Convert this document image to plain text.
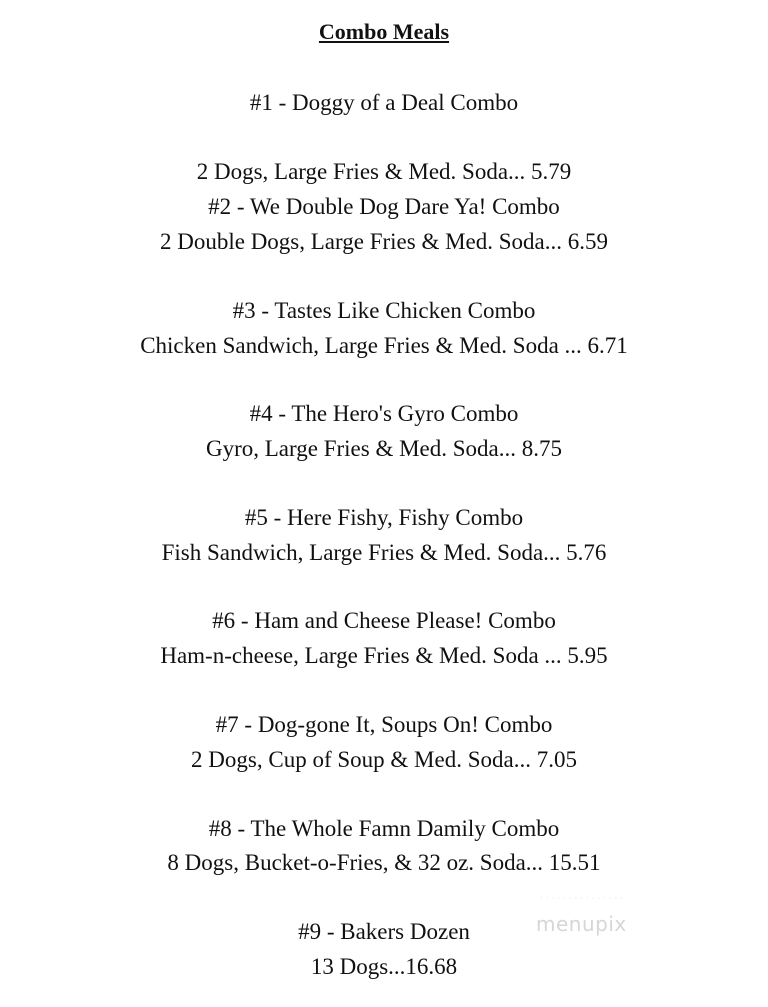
Combo Meals
#1 - Doggy of a Deal Combo
2 Dogs, Large Fries & Med. Soda... 5.79
#2 - We Double Dog Dare Ya! Combo
2 Double Dogs, Large Fries & Med. Soda... 6.59
#3 - Tastes Like Chicken Combo
Chicken Sandwich, Large Fries & Med. Soda ... 6.71
#4 - The Hero's Gyro Combo
Gyro, Large Fries & Med. Soda... 8.75
#5 - Here Fishy, Fishy Combo
Fish Sandwich, Large Fries & Med. Soda... 5.76
#6 - Ham and Cheese Please! Combo
Ham-n-cheese, Large Fries & Med. Soda ... 5.95
#7 - Dog-gone It, Soups On! Combo
2 Dogs, Cup of Soup & Med. Soda... 7.05
#8 - The Whole Famn Damily Combo
8 Dogs, Bucket-o-Fries, & 32 oz. Soda... 15.51
#9 - Bakers Dozen
13 Dogs...16.68
· · · · · · · · · · · · · · ·
menupix
